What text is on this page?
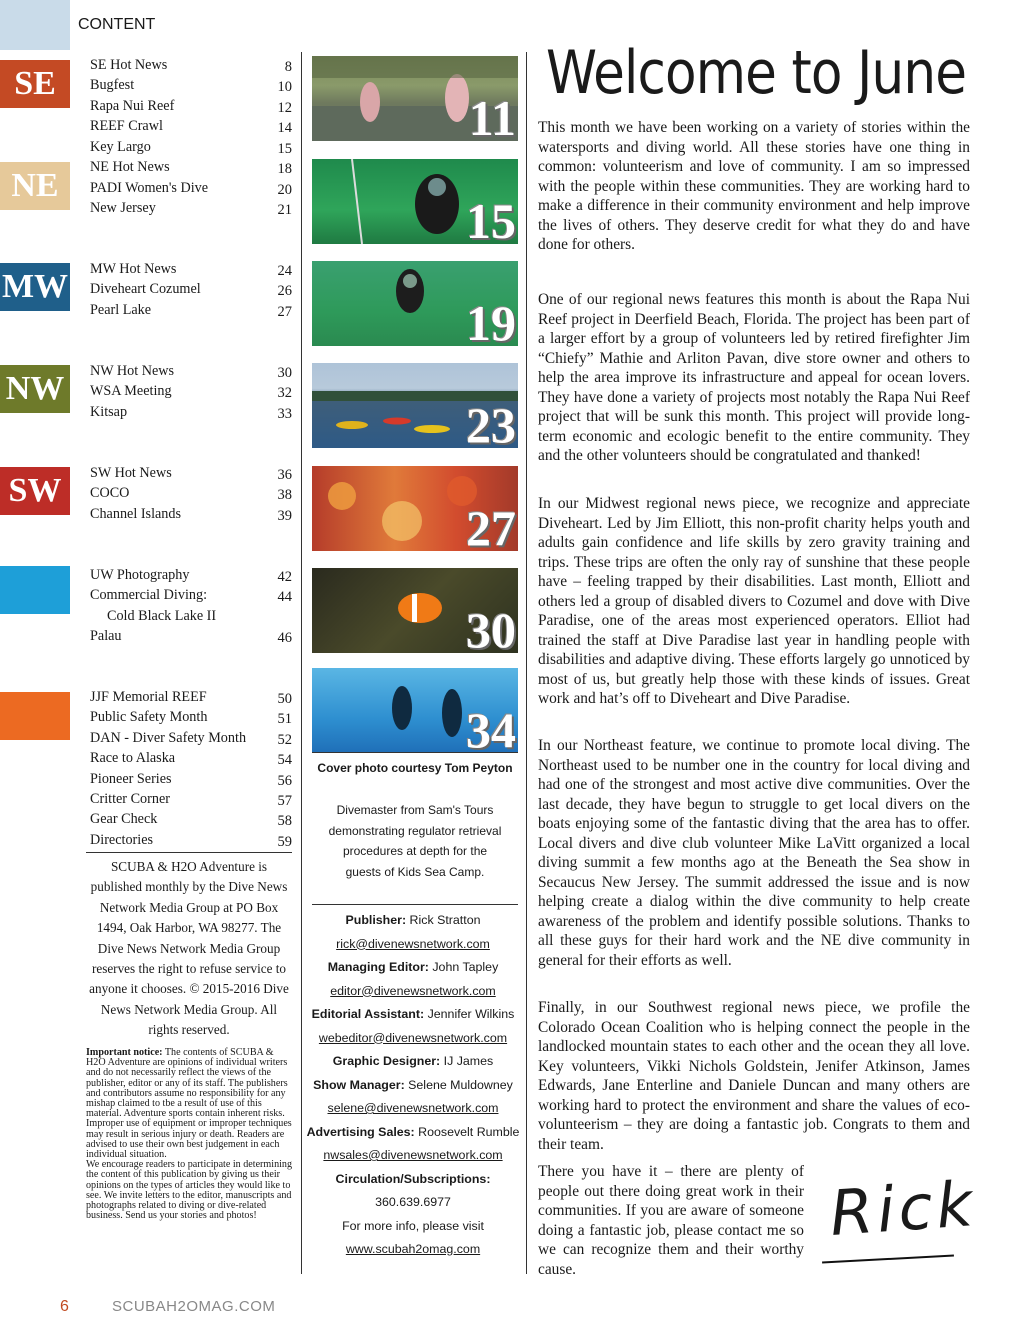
CONTENT
SE
NE
MW
NW
SW
SE Hot News	8
Bugfest	10
Rapa Nui Reef	12
REEF Crawl	14
Key Largo	15
NE Hot News	18
PADI Women's Dive	20
New Jersey	21
MW Hot News	24
Diveheart Cozumel	26
Pearl Lake	27
NW Hot News	30
WSA Meeting	32
Kitsap	33
SW Hot News	36
COCO	38
Channel Islands	39
UW Photography	42
Commercial Diving:	44
Cold Black Lake II
Palau	46
JJF Memorial REEF	50
Public Safety Month	51
DAN - Diver Safety Month 52
Race to Alaska	54
Pioneer Series	56
Critter Corner	57
Gear Check	58
Directories	59
SCUBA & H2O Adventure is published monthly by the Dive News Network Media Group at PO Box 1494, Oak Harbor, WA 98277. The Dive News Network Media Group reserves the right to refuse service to anyone it chooses. © 2015-2016 Dive News Network Media Group. All rights reserved.
Important notice: The contents of SCUBA & H2O Adventure are opinions of individual writers and do not necessarily reflect the views of the publisher, editor or any of its staff. The publishers and contributors assume no responsibility for any mishap claimed to tbe a result of use of this material. Adventure sports contain inherent risks. Improper use of equipment or improper techniques may result in serious injury or death. Readers are advised to use their own best judgement in each individual situation.
We encourage readers to participate in determining the content of this publication by giving us their opinions on the types of articles they would like to see. We invite letters to the editor, manuscripts and photographs related to diving or dive-related business. Send us your stories and photos!
11
15
19
23
27
30
34
Cover photo courtesy Tom Peyton
Divemaster from Sam's Tours demonstrating regulator retrieval procedures at depth for the guests of Kids Sea Camp.
Publisher: Rick Stratton
rick@divenewsnetwork.com
Managing Editor: John Tapley
editor@divenewsnetwork.com
Editorial Assistant: Jennifer Wilkins
webeditor@divenewsnetwork.com
Graphic Designer: IJ James
Show Manager: Selene Muldowney
selene@divenewsnetwork.com
Advertising Sales: Roosevelt Rumble
nwsales@divenewsnetwork.com
Circulation/Subscriptions:
360.639.6977
For more info, please visit
www.scubah2omag.com
Welcome to June
This month we have been working on a variety of stories within the watersports and diving world. All these stories have one thing in common: volunteerism and love of community. I am so impressed with the people within these communities. They are working hard to make a difference in their community environment and help improve the lives of others. They deserve credit for what they do and have done for others.
One of our regional news features this month is about the Rapa Nui Reef project in Deerfield Beach, Florida. The project has been part of a larger effort by a group of volunteers led by retired firefighter Jim “Chiefy” Mathie and Arliton Pavan, dive store owner and others to help the area improve its infrastructure and appeal for ocean lovers. They have done a variety of projects most notably the Rapa Nui Reef project that will be sunk this month. This project will provide long-term economic and ecologic benefit to the entire community. They and the other volunteers should be congratulated and thanked!
In our Midwest regional news piece, we recognize and appreciate Diveheart. Led by Jim Elliott, this non-profit charity helps youth and adults gain confidence and life skills by zero gravity training and trips. These trips are often the only ray of sunshine that these people have – feeling trapped by their disabilities. Last month, Elliott and others led a group of disabled divers to Cozumel and dove with Dive Paradise, one of the areas most experienced operators. Elliot had trained the staff at Dive Paradise last year in handling people with disabilities and adaptive diving. These efforts largely go unnoticed by most of us, but greatly help those with these kinds of issues. Great work and hat’s off to Diveheart and Dive Paradise.
In our Northeast feature, we continue to promote local diving. The Northeast used to be number one in the country for local diving and had one of the strongest and most active dive communities. Over the last decade, they have begun to struggle to get local divers on the boats enjoying some of the fantastic diving that the area has to offer. Local divers and dive club volunteer Mike LaVitt organized a local diving summit a few months ago at the Beneath the Sea show in Secaucus New Jersey. The summit addressed the issue and is now helping create a dialog within the dive community to help create awareness of the problem and identify possible solutions. Thanks to all these guys for their hard work and the NE dive community in general for their efforts as well.
Finally, in our Southwest regional news piece, we profile the Colorado Ocean Coalition who is helping connect the people in the landlocked mountain states to each other and the ocean they all love. Key volunteers, Vikki Nichols Goldstein, Jenifer Atkinson, James Edwards, Jane Enterline and Daniele Duncan and many others are working hard to protect the environment and share the values of eco-volunteerism – they are doing a fantastic job. Congrats to them and their team.
There you have it – there are plenty of people out there doing great work in their communities. If you are aware of someone doing a fantastic job, please contact me so we can recognize them and their worthy cause.
Rick
6	SCUBAH2OMAG.COM
